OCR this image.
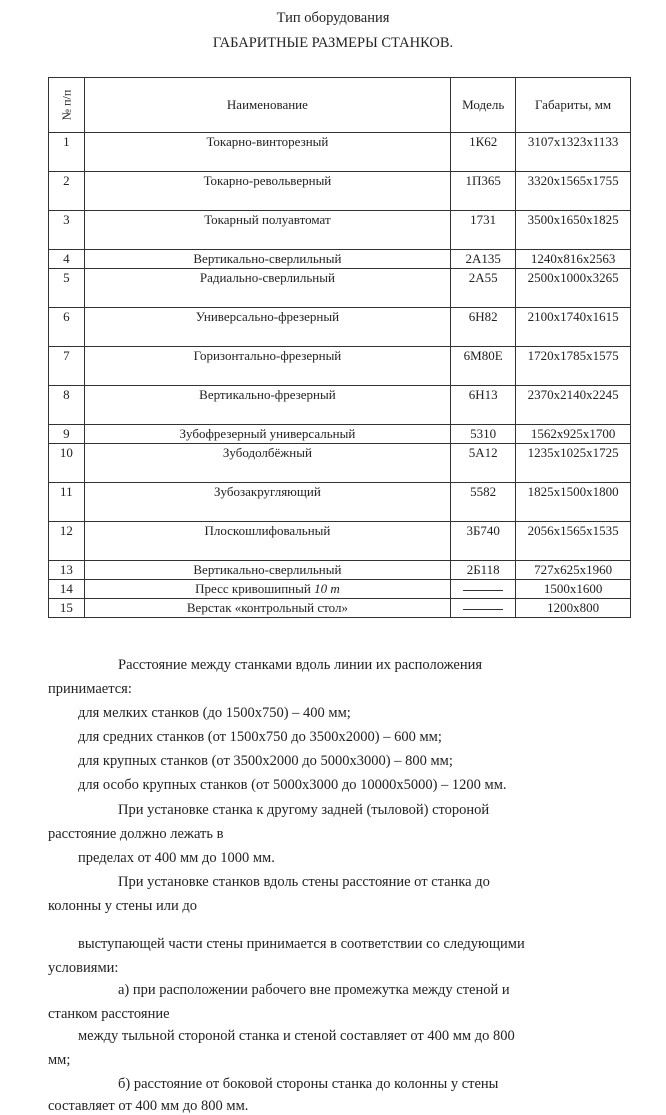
Тип оборудования
ГАБАРИТНЫЕ РАЗМЕРЫ СТАНКОВ.
№ п/п	Наименование	Модель	Габариты, мм
1	Токарно-винторезный	1К62	3107х1323х1133
2	Токарно-револьверный	1П365	3320х1565х1755
3	Токарный полуавтомат	1731	3500х1650х1825
4	Вертикально-сверлильный	2А135	1240х816х2563
5	Радиально-сверлильный	2А55	2500х1000х3265
6	Универсально-фрезерный	6Н82	2100х1740х1615
7	Горизонтально-фрезерный	6М80Е	1720х1785х1575
8	Вертикально-фрезерный	6Н13	2370х2140х2245
9	Зубофрезерный универсальный	5310	1562х925х1700
10	Зубодолбёжный	5А12	1235х1025х1725
11	Зубозакругляющий	5582	1825х1500х1800
12	Плоскошлифовальный	3Б740	2056х1565х1535
13	Вертикально-сверлильный	2Б118	727х625х1960
14	Пресс кривошипный 10 т		1500х1600
15	Верстак «контрольный стол»		1200х800
Расстояние между станками вдоль линии их расположения
принимается:
для мелких станков (до 1500х750) – 400 мм;
для средних станков (от 1500х750 до 3500х2000) – 600 мм;
для крупных станков (от 3500х2000 до 5000х3000) – 800 мм;
для особо крупных станков (от 5000х3000 до 10000х5000) – 1200 мм.
При установке станка к другому задней (тыловой) стороной
расстояние должно лежать в
пределах от 400 мм до 1000 мм.
При установке станков вдоль стены расстояние от станка до
колонны у стены или до
выступающей части стены принимается в соответствии со следующими
условиями:
а) при расположении рабочего вне промежутка между стеной и
станком расстояние
между тыльной стороной станка и стеной составляет от 400 мм до 800
мм;
б) расстояние от боковой стороны станка до колонны у стены
составляет от 400 мм до 800 мм.
